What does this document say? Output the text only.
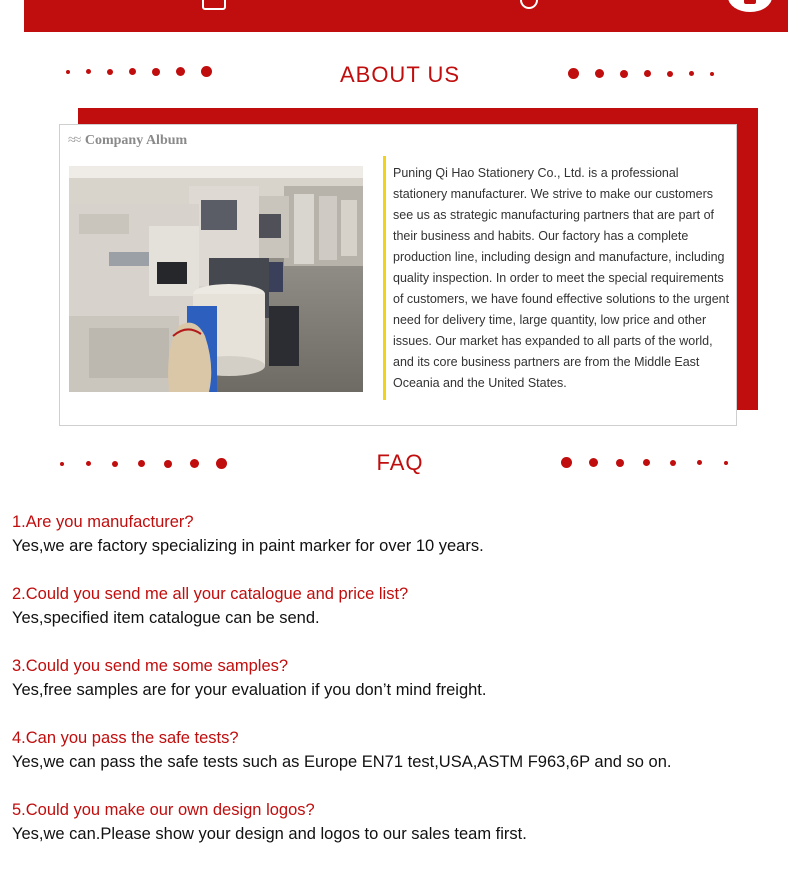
ABOUT US
≈≈ Company Album
Puning Qi Hao Stationery Co., Ltd. is a professional stationery manufacturer. We strive to make our customers see us as strategic manufacturing partners that are part of their business and habits. Our factory has a complete production line, including design and manufacture, including quality inspection. In order to meet the special requirements of customers, we have found effective solutions to the urgent need for delivery time, large quantity, low price and other issues. Our market has expanded to all parts of the world, and its core business partners are from the Middle East Oceania and the United States.
FAQ
1.Are you manufacturer?
Yes,we are factory specializing in paint marker for over 10 years.
2.Could you send me all your catalogue and price list?
Yes,specified item catalogue can be send.
3.Could you send me some samples?
Yes,free samples are for your evaluation if you don’t mind freight.
4.Can you pass the safe tests?
Yes,we can pass the safe tests such as Europe EN71 test,USA,ASTM F963,6P and so on.
5.Could you make our own design logos?
Yes,we can.Please show your design and logos to our sales team first.
